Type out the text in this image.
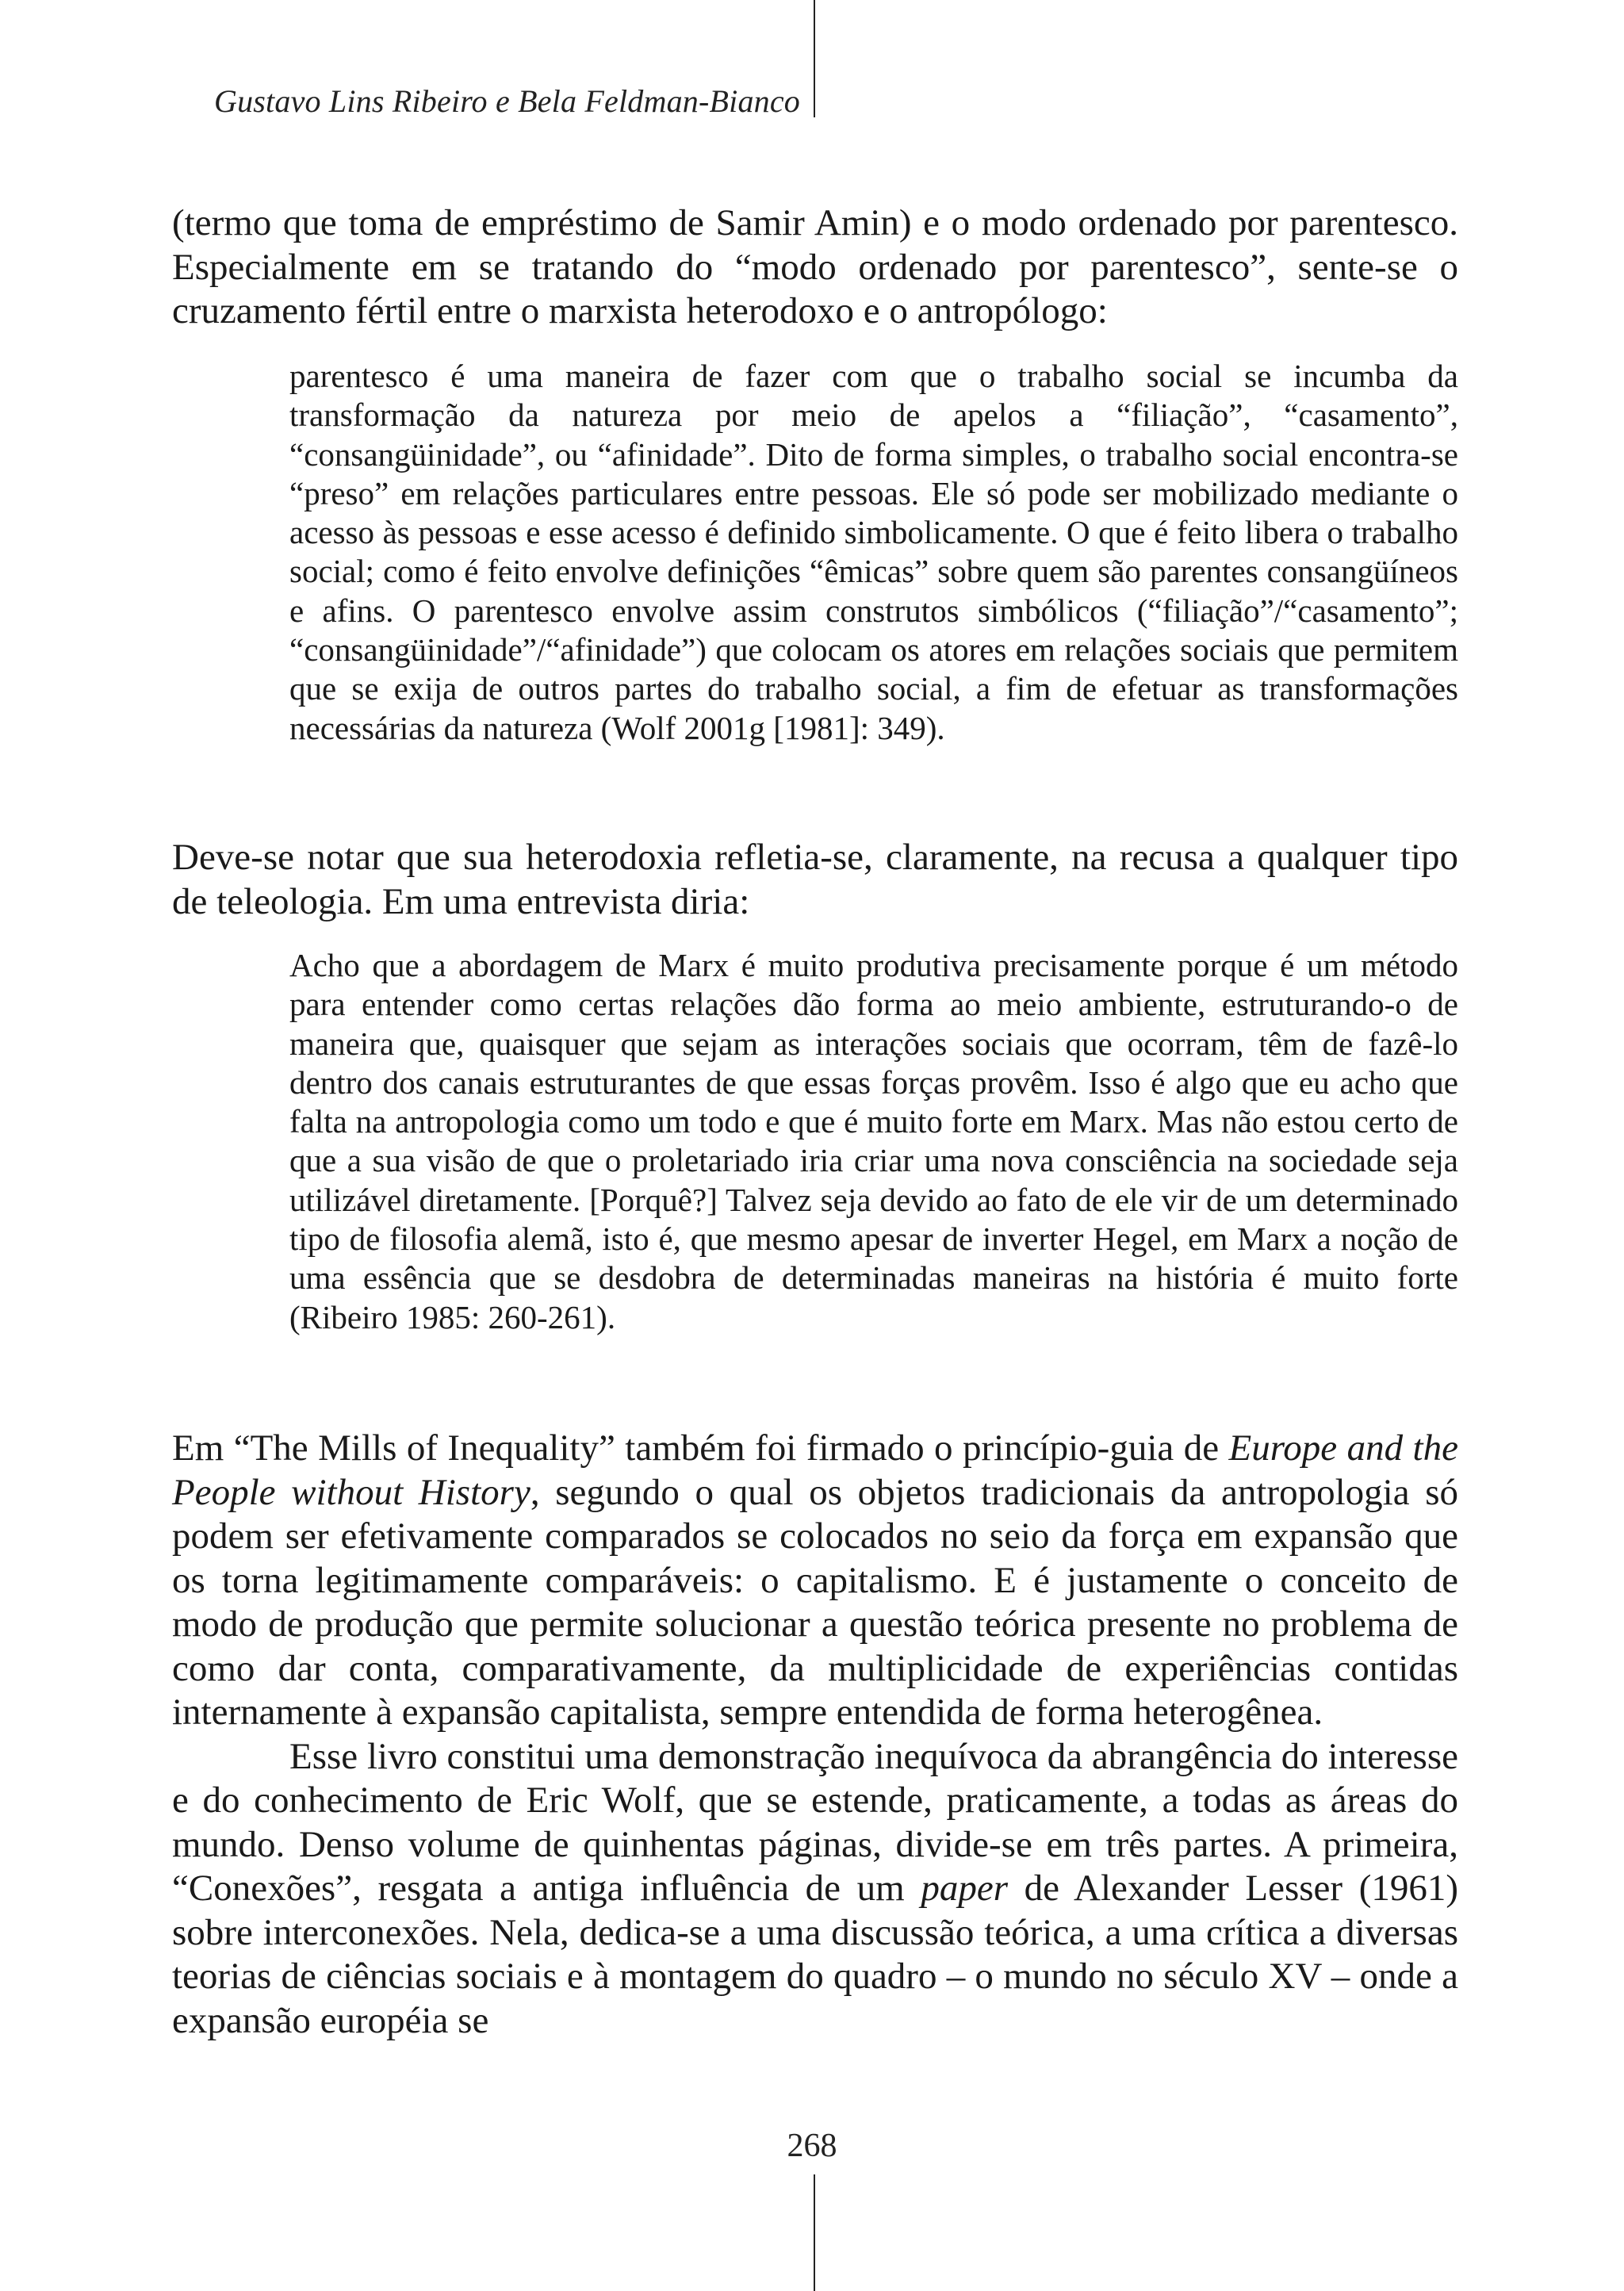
Gustavo Lins Ribeiro e Bela Feldman-Bianco

(termo que toma de empréstimo de Samir Amin) e o modo ordenado por parentesco. Especialmente em se tratando do “modo ordenado por parentesco”, sente-se o cruzamento fértil entre o marxista heterodoxo e o antropólogo:

parentesco é uma maneira de fazer com que o trabalho social se incumba da transformação da natureza por meio de apelos a “filiação”, “casamento”, “consangüinidade”, ou “afinidade”. Dito de forma simples, o trabalho social encontra-se “preso” em relações particulares entre pessoas. Ele só pode ser mobilizado mediante o acesso às pessoas e esse acesso é definido simbolicamente. O que é feito libera o trabalho social; como é feito envolve definições “êmicas” sobre quem são parentes consangüíneos e afins. O parentesco envolve assim construtos simbólicos (“filiação”/“casamento”; “consangüinidade”/“afinidade”) que colocam os atores em relações sociais que permitem que se exija de outros partes do trabalho social, a fim de efetuar as transformações necessárias da natureza (Wolf 2001g [1981]: 349).

Deve-se notar que sua heterodoxia refletia-se, claramente, na recusa a qualquer tipo de teleologia. Em uma entrevista diria:

Acho que a abordagem de Marx é muito produtiva precisamente porque é um método para entender como certas relações dão forma ao meio ambiente, estruturando-o de maneira que, quaisquer que sejam as interações sociais que ocorram, têm de fazê-lo dentro dos canais estruturantes de que essas forças provêm. Isso é algo que eu acho que falta na antropologia como um todo e que é muito forte em Marx. Mas não estou certo de que a sua visão de que o proletariado iria criar uma nova consciência na sociedade seja utilizável diretamente. [Porquê?] Talvez seja devido ao fato de ele vir de um determinado tipo de filosofia alemã, isto é, que mesmo apesar de inverter Hegel, em Marx a noção de uma essência que se desdobra de determinadas maneiras na história é muito forte (Ribeiro 1985: 260-261).

Em “The Mills of Inequality” também foi firmado o princípio-guia de Europe and the People without History, segundo o qual os objetos tradicionais da antropologia só podem ser efetivamente comparados se colocados no seio da força em expansão que os torna legitimamente comparáveis: o capitalismo. E é justamente o conceito de modo de produção que permite solucionar a questão teórica presente no problema de como dar conta, comparativamente, da multiplicidade de experiências contidas internamente à expansão capitalista, sempre entendida de forma heterogênea.

Esse livro constitui uma demonstração inequívoca da abrangência do interesse e do conhecimento de Eric Wolf, que se estende, praticamente, a todas as áreas do mundo. Denso volume de quinhentas páginas, divide-se em três partes. A primeira, “Conexões”, resgata a antiga influência de um paper de Alexander Lesser (1961) sobre interconexões. Nela, dedica-se a uma discussão teórica, a uma crítica a diversas teorias de ciências sociais e à montagem do quadro – o mundo no século XV – onde a expansão européia se

268
